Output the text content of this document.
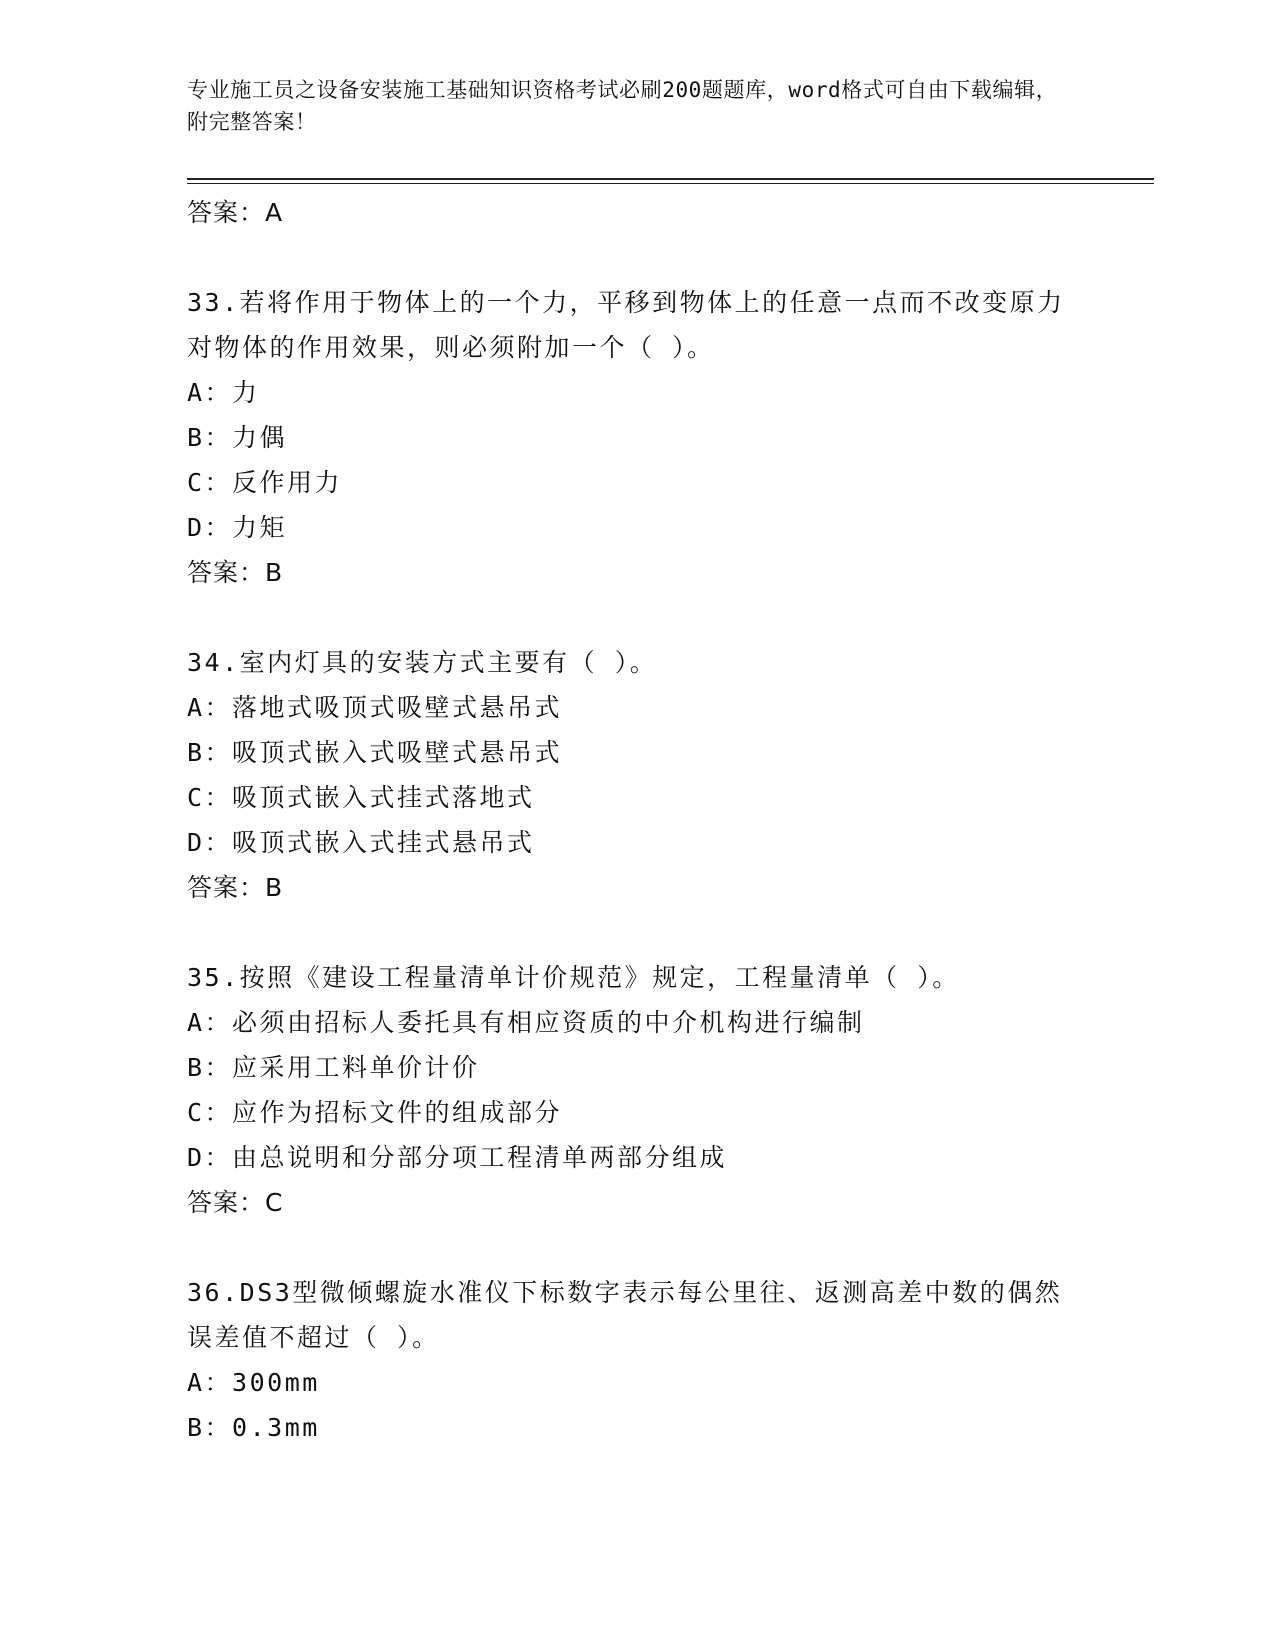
专业施工员之设备安装施工基础知识资格考试必刷200题题库，word格式可自由下载编辑，附完整答案！
答案：A
33.若将作用于物体上的一个力，平移到物体上的任意一点而不改变原力对物体的作用效果，则必须附加一个（ ）。
A：力
B：力偶
C：反作用力
D：力矩
答案：B
34.室内灯具的安装方式主要有（ ）。
A：落地式吸顶式吸壁式悬吊式
B：吸顶式嵌入式吸壁式悬吊式
C：吸顶式嵌入式挂式落地式
D：吸顶式嵌入式挂式悬吊式
答案：B
35.按照《建设工程量清单计价规范》规定，工程量清单（ ）。
A：必须由招标人委托具有相应资质的中介机构进行编制
B：应采用工料单价计价
C：应作为招标文件的组成部分
D：由总说明和分部分项工程清单两部分组成
答案：C
36.DS3型微倾螺旋水准仪下标数字表示每公里往、返测高差中数的偶然误差值不超过（ ）。
A：300mm
B：0.3mm
